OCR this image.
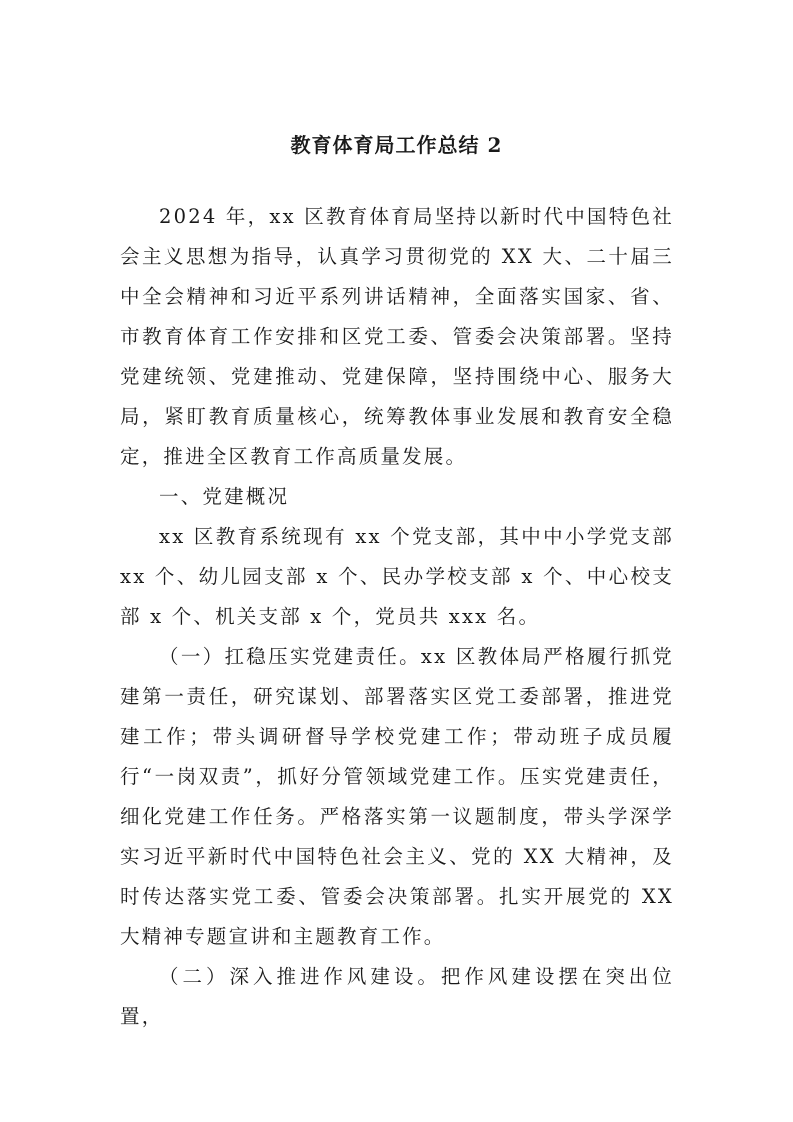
教育体育局工作总结 2

2024 年，xx 区教育体育局坚持以新时代中国特色社会主义思想为指导，认真学习贯彻党的 XX 大、二十届三中全会精神和习近平系列讲话精神，全面落实国家、省、市教育体育工作安排和区党工委、管委会决策部署。坚持党建统领、党建推动、党建保障，坚持围绕中心、服务大局，紧盯教育质量核心，统筹教体事业发展和教育安全稳定，推进全区教育工作高质量发展。

一、党建概况

xx 区教育系统现有 xx 个党支部，其中中小学党支部 xx 个、幼儿园支部 x 个、民办学校支部 x 个、中心校支部 x 个、机关支部 x 个，党员共 xxx 名。

（一）扛稳压实党建责任。xx 区教体局严格履行抓党建第一责任，研究谋划、部署落实区党工委部署，推进党建工作；带头调研督导学校党建工作；带动班子成员履行“一岗双责”，抓好分管领域党建工作。压实党建责任，细化党建工作任务。严格落实第一议题制度，带头学深学实习近平新时代中国特色社会主义、党的 XX 大精神，及时传达落实党工委、管委会决策部署。扎实开展党的 XX 大精神专题宣讲和主题教育工作。

（二）深入推进作风建设。把作风建设摆在突出位置，
